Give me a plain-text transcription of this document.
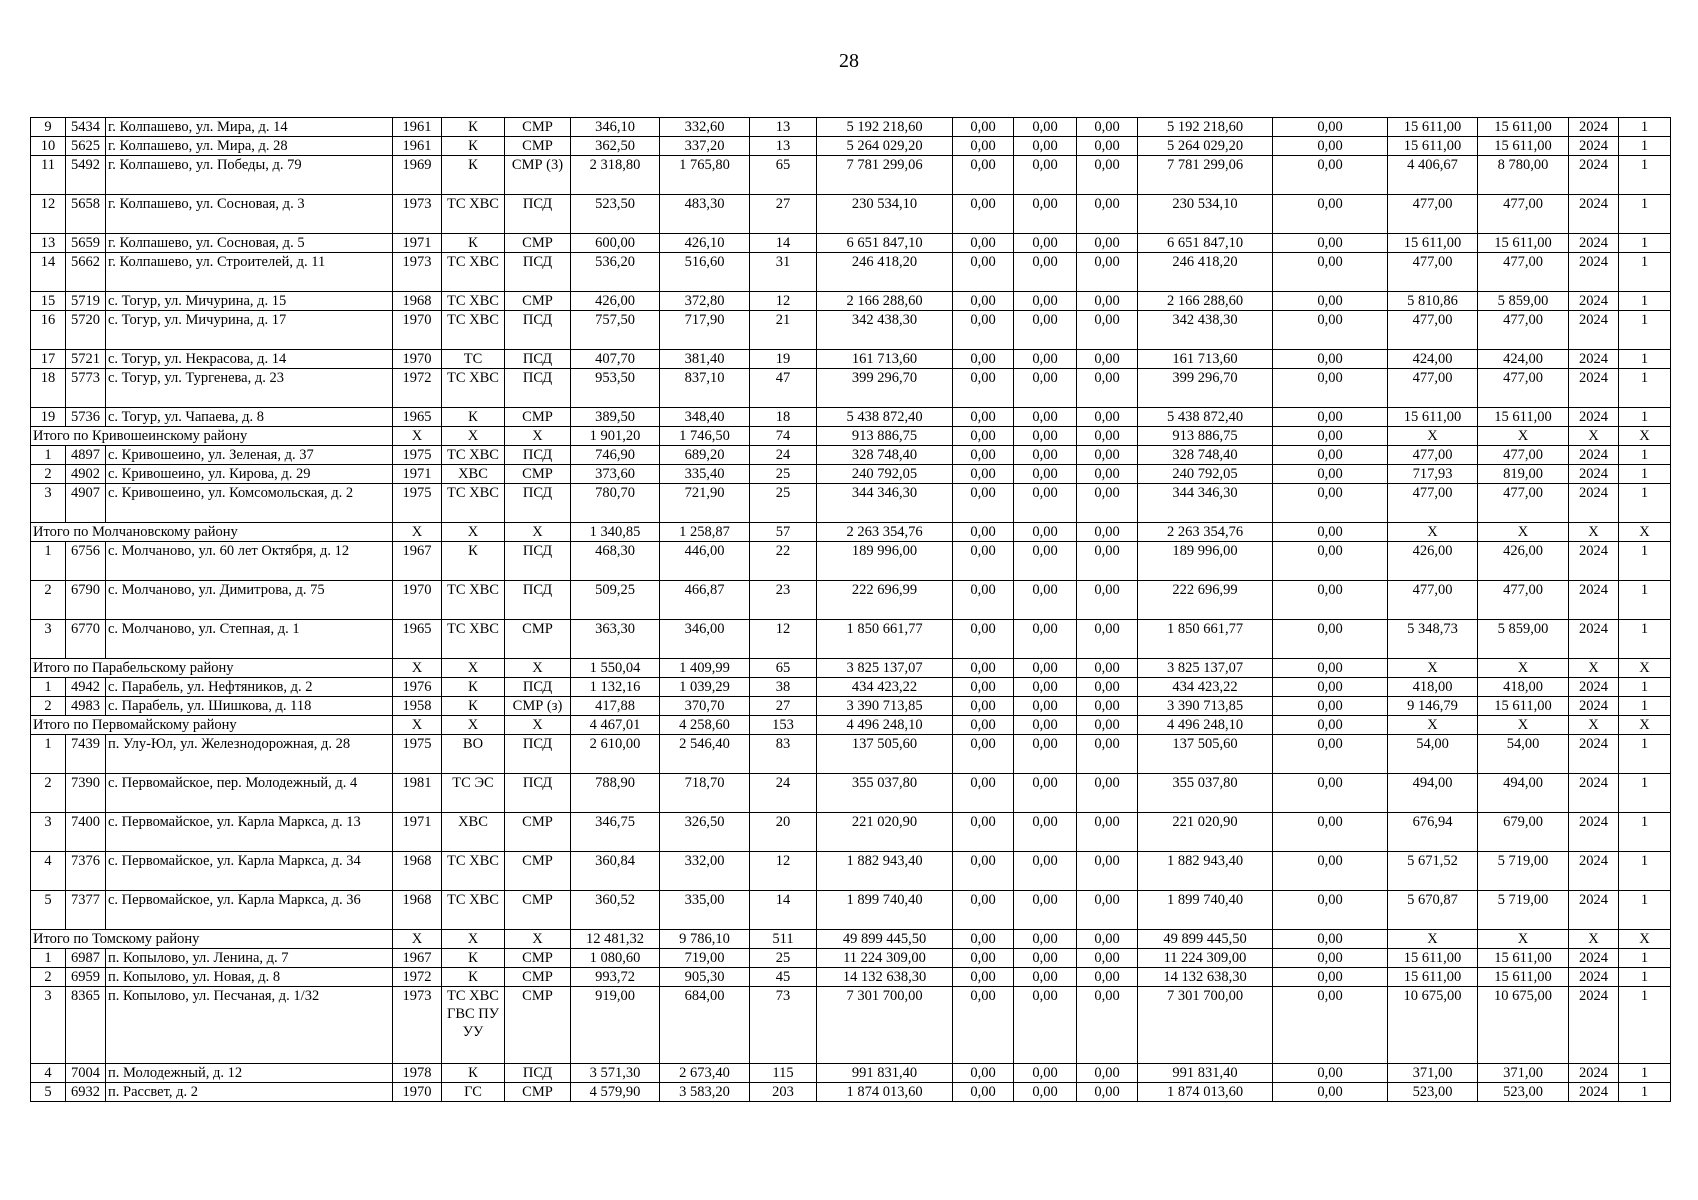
28
9	5434	г. Колпашево, ул. Мира, д. 14	1961	К	СМР	346,10	332,60	13	5 192 218,60	0,00	0,00	0,00	5 192 218,60	0,00	15 611,00	15 611,00	2024	1
10	5625	г. Колпашево, ул. Мира, д. 28	1961	К	СМР	362,50	337,20	13	5 264 029,20	0,00	0,00	0,00	5 264 029,20	0,00	15 611,00	15 611,00	2024	1
11	5492	г. Колпашево, ул. Победы, д. 79	1969	К	СМР (3)	2 318,80	1 765,80	65	7 781 299,06	0,00	0,00	0,00	7 781 299,06	0,00	4 406,67	8 780,00	2024	1
12	5658	г. Колпашево, ул. Сосновая, д. 3	1973	ТС ХВС	ПСД	523,50	483,30	27	230 534,10	0,00	0,00	0,00	230 534,10	0,00	477,00	477,00	2024	1
13	5659	г. Колпашево, ул. Сосновая, д. 5	1971	К	СМР	600,00	426,10	14	6 651 847,10	0,00	0,00	0,00	6 651 847,10	0,00	15 611,00	15 611,00	2024	1
14	5662	г. Колпашево, ул. Строителей, д. 11	1973	ТС ХВС	ПСД	536,20	516,60	31	246 418,20	0,00	0,00	0,00	246 418,20	0,00	477,00	477,00	2024	1
15	5719	с. Тогур, ул. Мичурина, д. 15	1968	ТС ХВС	СМР	426,00	372,80	12	2 166 288,60	0,00	0,00	0,00	2 166 288,60	0,00	5 810,86	5 859,00	2024	1
16	5720	с. Тогур, ул. Мичурина, д. 17	1970	ТС ХВС	ПСД	757,50	717,90	21	342 438,30	0,00	0,00	0,00	342 438,30	0,00	477,00	477,00	2024	1
17	5721	с. Тогур, ул. Некрасова, д. 14	1970	ТС	ПСД	407,70	381,40	19	161 713,60	0,00	0,00	0,00	161 713,60	0,00	424,00	424,00	2024	1
18	5773	с. Тогур, ул. Тургенева, д. 23	1972	ТС ХВС	ПСД	953,50	837,10	47	399 296,70	0,00	0,00	0,00	399 296,70	0,00	477,00	477,00	2024	1
19	5736	с. Тогур, ул. Чапаева, д. 8	1965	К	СМР	389,50	348,40	18	5 438 872,40	0,00	0,00	0,00	5 438 872,40	0,00	15 611,00	15 611,00	2024	1
Итого по Кривошеинскому району			X	X	X	1 901,20	1 746,50	74	913 886,75	0,00	0,00	0,00	913 886,75	0,00	X	X	X	X
1	4897	с. Кривошеино, ул. Зеленая, д. 37	1975	ТС ХВС	ПСД	746,90	689,20	24	328 748,40	0,00	0,00	0,00	328 748,40	0,00	477,00	477,00	2024	1
2	4902	с. Кривошеино, ул. Кирова, д. 29	1971	ХВС	СМР	373,60	335,40	25	240 792,05	0,00	0,00	0,00	240 792,05	0,00	717,93	819,00	2024	1
3	4907	с. Кривошеино, ул. Комсомольская, д. 2	1975	ТС ХВС	ПСД	780,70	721,90	25	344 346,30	0,00	0,00	0,00	344 346,30	0,00	477,00	477,00	2024	1
Итого по Молчановскому району			X	X	X	1 340,85	1 258,87	57	2 263 354,76	0,00	0,00	0,00	2 263 354,76	0,00	X	X	X	X
1	6756	с. Молчаново, ул. 60 лет Октября, д. 12	1967	К	ПСД	468,30	446,00	22	189 996,00	0,00	0,00	0,00	189 996,00	0,00	426,00	426,00	2024	1
2	6790	с. Молчаново, ул. Димитрова, д. 75	1970	ТС ХВС	ПСД	509,25	466,87	23	222 696,99	0,00	0,00	0,00	222 696,99	0,00	477,00	477,00	2024	1
3	6770	с. Молчаново, ул. Степная, д. 1	1965	ТС ХВС	СМР	363,30	346,00	12	1 850 661,77	0,00	0,00	0,00	1 850 661,77	0,00	5 348,73	5 859,00	2024	1
Итого по Парабельскому району			X	X	X	1 550,04	1 409,99	65	3 825 137,07	0,00	0,00	0,00	3 825 137,07	0,00	X	X	X	X
1	4942	с. Парабель, ул. Нефтяников, д. 2	1976	К	ПСД	1 132,16	1 039,29	38	434 423,22	0,00	0,00	0,00	434 423,22	0,00	418,00	418,00	2024	1
2	4983	с. Парабель, ул. Шишкова, д. 118	1958	К	СМР (з)	417,88	370,70	27	3 390 713,85	0,00	0,00	0,00	3 390 713,85	0,00	9 146,79	15 611,00	2024	1
Итого по Первомайскому району			X	X	X	4 467,01	4 258,60	153	4 496 248,10	0,00	0,00	0,00	4 496 248,10	0,00	X	X	X	X
1	7439	п. Улу-Юл, ул. Железнодорожная, д. 28	1975	ВО	ПСД	2 610,00	2 546,40	83	137 505,60	0,00	0,00	0,00	137 505,60	0,00	54,00	54,00	2024	1
2	7390	с. Первомайское, пер. Молодежный, д. 4	1981	ТС ЭС	ПСД	788,90	718,70	24	355 037,80	0,00	0,00	0,00	355 037,80	0,00	494,00	494,00	2024	1
3	7400	с. Первомайское, ул. Карла Маркса, д. 13	1971	ХВС	СМР	346,75	326,50	20	221 020,90	0,00	0,00	0,00	221 020,90	0,00	676,94	679,00	2024	1
4	7376	с. Первомайское, ул. Карла Маркса, д. 34	1968	ТС ХВС	СМР	360,84	332,00	12	1 882 943,40	0,00	0,00	0,00	1 882 943,40	0,00	5 671,52	5 719,00	2024	1
5	7377	с. Первомайское, ул. Карла Маркса, д. 36	1968	ТС ХВС	СМР	360,52	335,00	14	1 899 740,40	0,00	0,00	0,00	1 899 740,40	0,00	5 670,87	5 719,00	2024	1
Итого по Томскому району			X	X	X	12 481,32	9 786,10	511	49 899 445,50	0,00	0,00	0,00	49 899 445,50	0,00	X	X	X	X
1	6987	п. Копылово, ул. Ленина, д. 7	1967	К	СМР	1 080,60	719,00	25	11 224 309,00	0,00	0,00	0,00	11 224 309,00	0,00	15 611,00	15 611,00	2024	1
2	6959	п. Копылово, ул. Новая, д. 8	1972	К	СМР	993,72	905,30	45	14 132 638,30	0,00	0,00	0,00	14 132 638,30	0,00	15 611,00	15 611,00	2024	1
3	8365	п. Копылово, ул. Песчаная, д. 1/32	1973	ТС ХВС ГВС ПУ УУ	СМР	919,00	684,00	73	7 301 700,00	0,00	0,00	0,00	7 301 700,00	0,00	10 675,00	10 675,00	2024	1
4	7004	п. Молодежный, д. 12	1978	К	ПСД	3 571,30	2 673,40	115	991 831,40	0,00	0,00	0,00	991 831,40	0,00	371,00	371,00	2024	1
5	6932	п. Рассвет, д. 2	1970	ГС	СМР	4 579,90	3 583,20	203	1 874 013,60	0,00	0,00	0,00	1 874 013,60	0,00	523,00	523,00	2024	1
